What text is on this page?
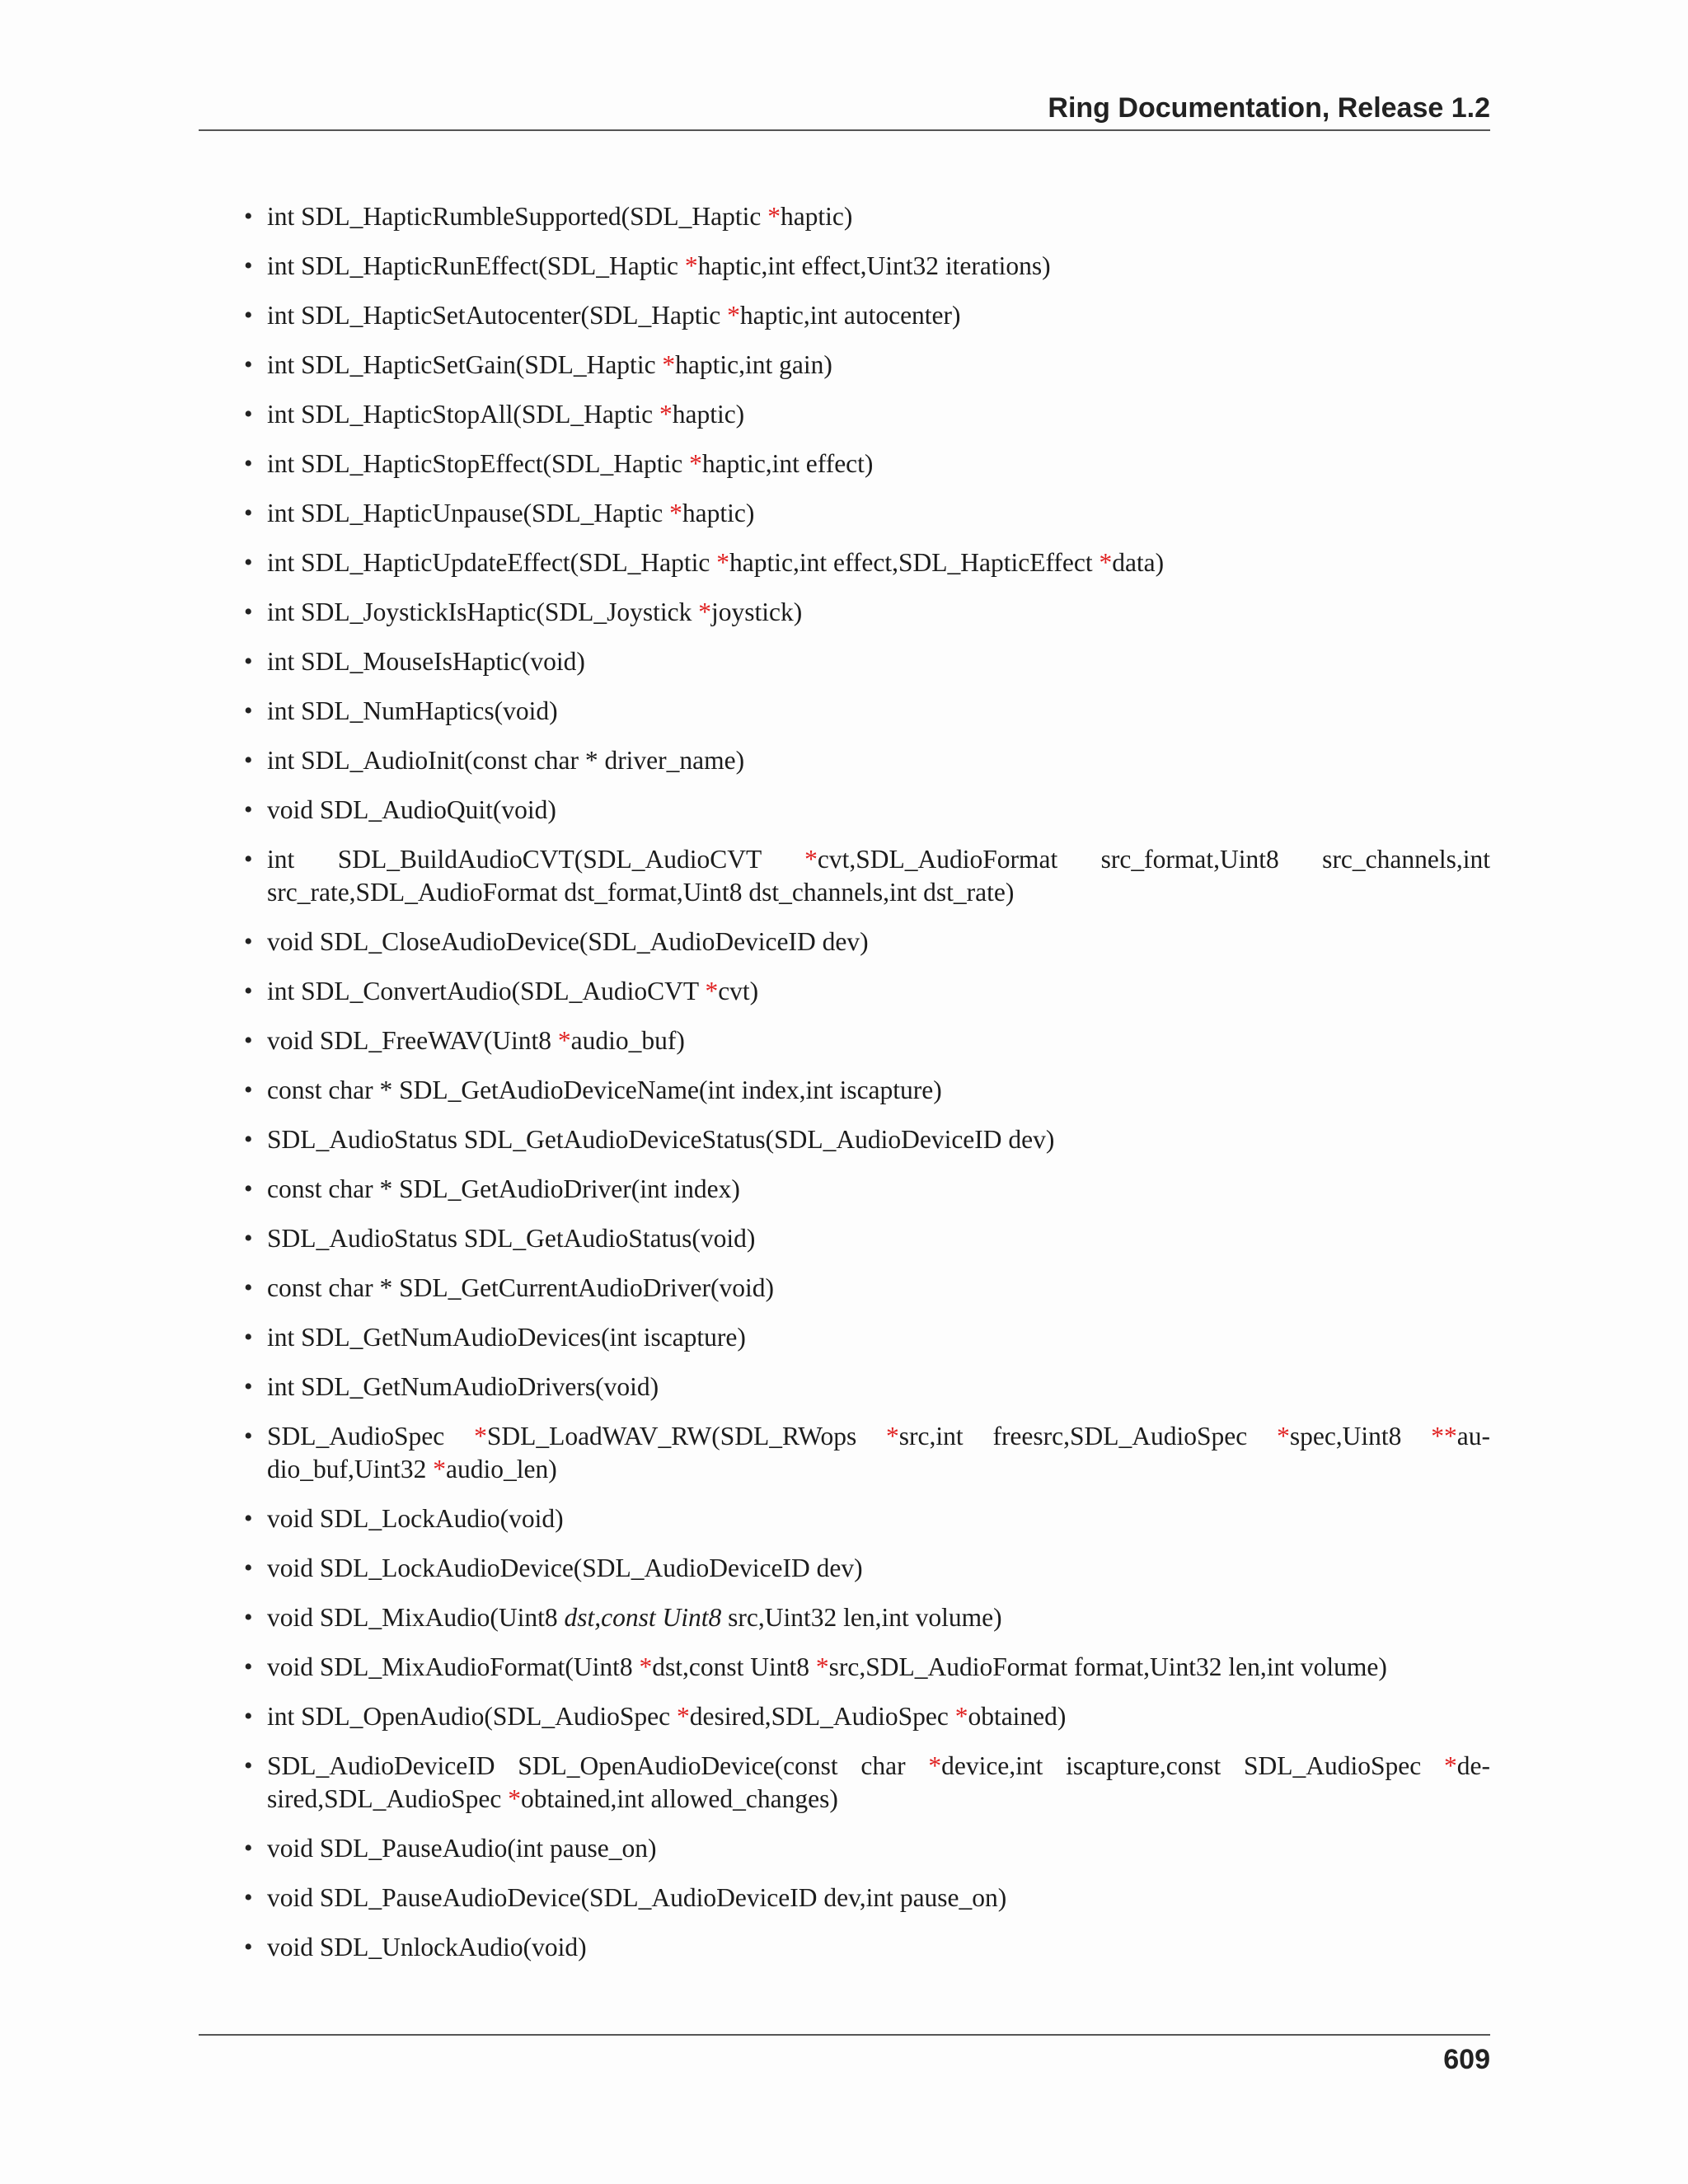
Ring Documentation, Release 1.2
• int SDL_HapticRumbleSupported(SDL_Haptic *haptic)
• int SDL_HapticRunEffect(SDL_Haptic *haptic,int effect,Uint32 iterations)
• int SDL_HapticSetAutocenter(SDL_Haptic *haptic,int autocenter)
• int SDL_HapticSetGain(SDL_Haptic *haptic,int gain)
• int SDL_HapticStopAll(SDL_Haptic *haptic)
• int SDL_HapticStopEffect(SDL_Haptic *haptic,int effect)
• int SDL_HapticUnpause(SDL_Haptic *haptic)
• int SDL_HapticUpdateEffect(SDL_Haptic *haptic,int effect,SDL_HapticEffect *data)
• int SDL_JoystickIsHaptic(SDL_Joystick *joystick)
• int SDL_MouseIsHaptic(void)
• int SDL_NumHaptics(void)
• int SDL_AudioInit(const char * driver_name)
• void SDL_AudioQuit(void)
• int SDL_BuildAudioCVT(SDL_AudioCVT *cvt,SDL_AudioFormat src_format,Uint8 src_channels,int src_rate,SDL_AudioFormat dst_format,Uint8 dst_channels,int dst_rate)
• void SDL_CloseAudioDevice(SDL_AudioDeviceID dev)
• int SDL_ConvertAudio(SDL_AudioCVT *cvt)
• void SDL_FreeWAV(Uint8 *audio_buf)
• const char * SDL_GetAudioDeviceName(int index,int iscapture)
• SDL_AudioStatus SDL_GetAudioDeviceStatus(SDL_AudioDeviceID dev)
• const char * SDL_GetAudioDriver(int index)
• SDL_AudioStatus SDL_GetAudioStatus(void)
• const char * SDL_GetCurrentAudioDriver(void)
• int SDL_GetNumAudioDevices(int iscapture)
• int SDL_GetNumAudioDrivers(void)
• SDL_AudioSpec *SDL_LoadWAV_RW(SDL_RWops *src,int freesrc,SDL_AudioSpec *spec,Uint8 **au-dio_buf,Uint32 *audio_len)
• void SDL_LockAudio(void)
• void SDL_LockAudioDevice(SDL_AudioDeviceID dev)
• void SDL_MixAudio(Uint8 dst,const Uint8 src,Uint32 len,int volume)
• void SDL_MixAudioFormat(Uint8 *dst,const Uint8 *src,SDL_AudioFormat format,Uint32 len,int volume)
• int SDL_OpenAudio(SDL_AudioSpec *desired,SDL_AudioSpec *obtained)
• SDL_AudioDeviceID SDL_OpenAudioDevice(const char *device,int iscapture,const SDL_AudioSpec *de-sired,SDL_AudioSpec *obtained,int allowed_changes)
• void SDL_PauseAudio(int pause_on)
• void SDL_PauseAudioDevice(SDL_AudioDeviceID dev,int pause_on)
• void SDL_UnlockAudio(void)
609
